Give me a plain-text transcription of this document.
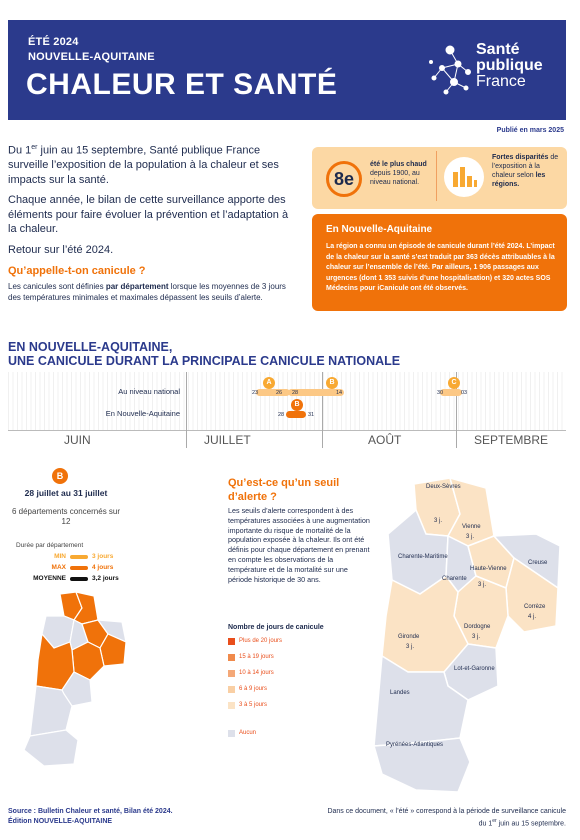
ÉTÉ 2024
NOUVELLE-AQUITAINE
CHALEUR ET SANTÉ
Santé
publique
France
Publié en mars 2025

Du 1er juin au 15 septembre, Santé publique France surveille l’exposition de la population à la chaleur et ses impacts sur la santé.

Chaque année, le bilan de cette surveillance apporte des éléments pour faire évoluer la prévention et l’adaptation à la chaleur.

Retour sur l’été 2024.

Qu’appelle-t-on canicule ?
Les canicules sont définies par département lorsque les moyennes de 3 jours des températures minimales et maximales dépassent les seuils d’alerte.
8e
été le plus chaud depuis 1900, au niveau national.
Fortes disparités de l’exposition à la chaleur selon les régions.
En Nouvelle-Aquitaine
La région a connu un épisode de canicule durant l’été 2024. L’impact de la chaleur sur la santé s’est traduit par 363 décès attribuables à la chaleur sur l’ensemble de l’été. Par ailleurs, 1 906 passages aux urgences (dont 1 353 suivis d’une hospitalisation) et 320 actes SOS Médecins pour iCanicule ont été observés.
EN NOUVELLE-AQUITAINE,
UNE CANICULE DURANT LA PRINCIPALE CANICULE NATIONALE
JUIN	JUILLET	AOÛT	SEPTEMBRE
Au niveau national
En Nouvelle-Aquitaine
A	B	C
23	26 28	14	30	03
B
28	31
B
28 juillet au 31 juillet
6 départements concernés sur 12
Durée par département
MIN	3 jours
MAX	4 jours
MOYENNE	3,2 jours
Qu’est-ce qu’un seuil d’alerte ?
Les seuils d’alerte correspondent à des températures associées à une augmentation importante du risque de mortalité de la population exposée à la chaleur. Ils ont été définis pour chaque département en prenant en compte les observations de la température et de la mortalité sur une période historique de 30 ans.
Nombre de jours de canicule
Plus de 20 jours
15 à 19 jours
10 à 14 jours
6 à 9 jours
3 à 5 jours
Aucun
Deux-Sèvres
3 j.
Vienne
3 j.
Charente-Maritime
Charente
Haute-Vienne
3 j.
Creuse
Corrèze
4 j.
Dordogne
3 j.
Gironde
3 j.
Lot-et-Garonne
Landes
Pyrénées-Atlantiques
Source : Bulletin Chaleur et santé, Bilan été 2024.
Édition NOUVELLE-AQUITAINE
Dans ce document, « l’été » correspond à la période de surveillance canicule
du 1er juin au 15 septembre.
